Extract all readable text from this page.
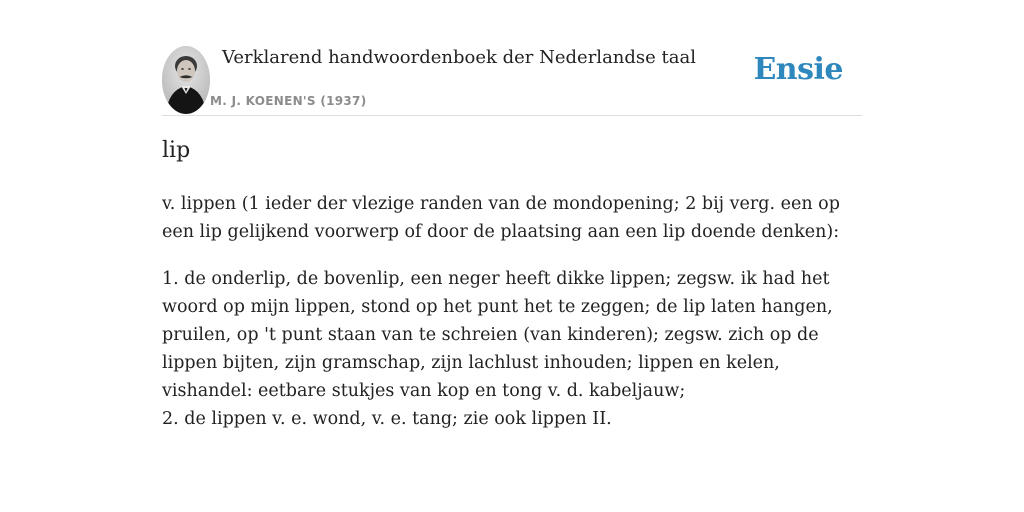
Verklarend handwoordenboek der Nederlandse taal
M. J. KOENEN'S (1937)
Ensie
lip

v. lippen (1 ieder der vlezige randen van de mondopening; 2 bij verg. een op een lip gelijkend voorwerp of door de plaatsing aan een lip doende denken):

1. de onderlip, de bovenlip, een neger heeft dikke lippen; zegsw. ik had het woord op mijn lippen, stond op het punt het te zeggen; de lip laten hangen, pruilen, op 't punt staan van te schreien (van kinderen); zegsw. zich op de lippen bijten, zijn gramschap, zijn lachlust inhouden; lippen en kelen, vishandel: eetbare stukjes van kop en tong v. d. kabeljauw;

2. de lippen v. e. wond, v. e. tang; zie ook lippen II.
